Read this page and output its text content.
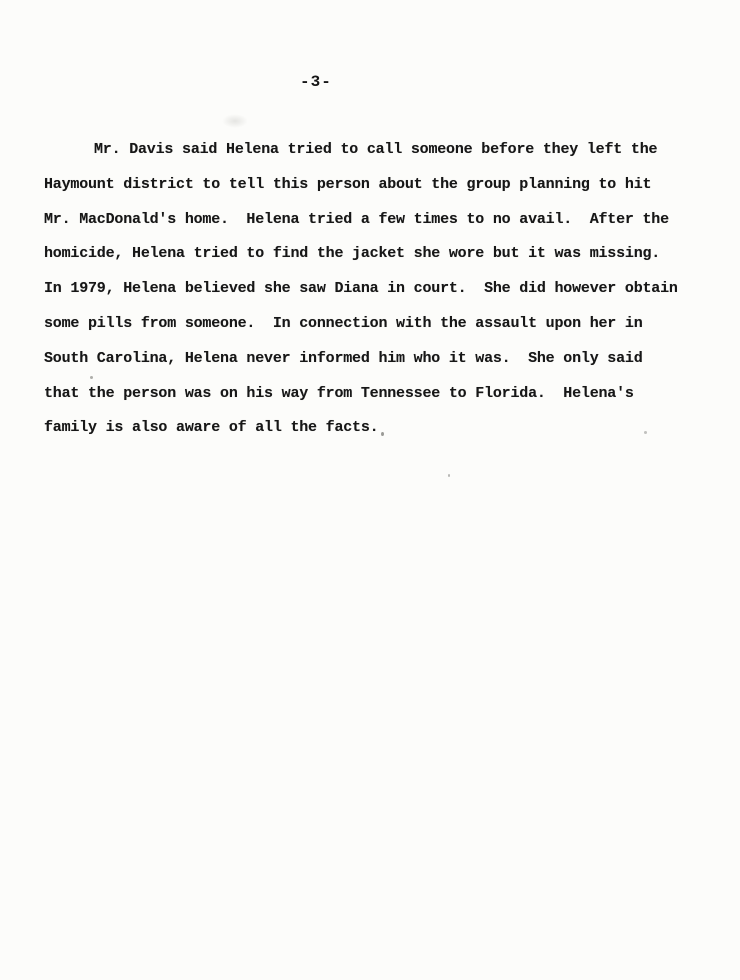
-3-
Mr. Davis said Helena tried to call someone before they left the
Haymount district to tell this person about the group planning to hit
Mr. MacDonald's home.  Helena tried a few times to no avail.  After the
homicide, Helena tried to find the jacket she wore but it was missing.
In 1979, Helena believed she saw Diana in court.  She did however obtain
some pills from someone.  In connection with the assault upon her in
South Carolina, Helena never informed him who it was.  She only said
that the person was on his way from Tennessee to Florida.  Helena's
family is also aware of all the facts.
